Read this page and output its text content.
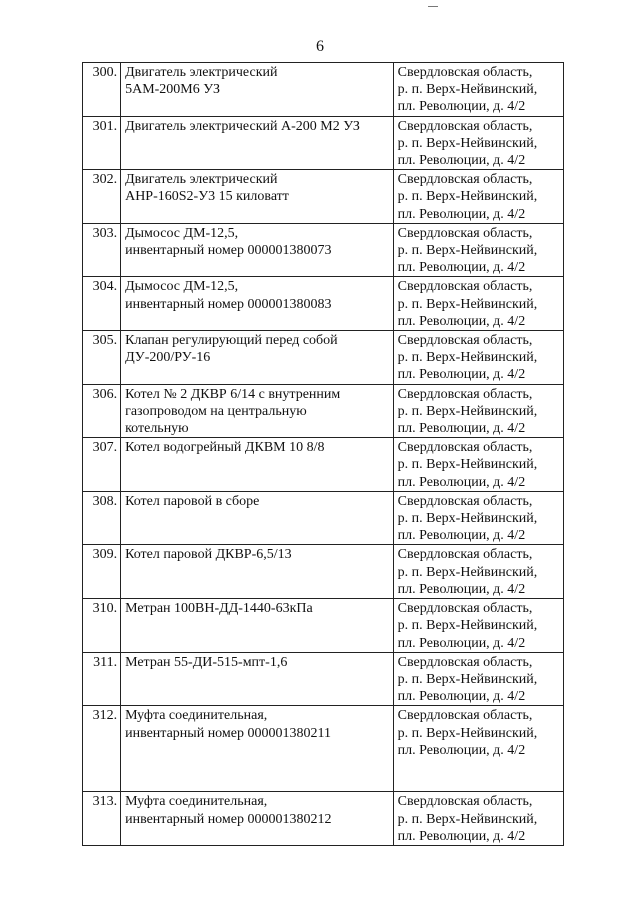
6
300.	Двигатель электрический
5АМ-200М6 УЗ	Свердловская область,
р. п. Верх-Нейвинский,
пл. Революции, д. 4/2
301.	Двигатель электрический А-200 М2 УЗ	Свердловская область,
р. п. Верх-Нейвинский,
пл. Революции, д. 4/2
302.	Двигатель электрический
АНР-160S2-У3 15 киловатт	Свердловская область,
р. п. Верх-Нейвинский,
пл. Революции, д. 4/2
303.	Дымосос ДМ-12,5,
инвентарный номер 000001380073	Свердловская область,
р. п. Верх-Нейвинский,
пл. Революции, д. 4/2
304.	Дымосос ДМ-12,5,
инвентарный номер 000001380083	Свердловская область,
р. п. Верх-Нейвинский,
пл. Революции, д. 4/2
305.	Клапан регулирующий перед собой
ДУ-200/РУ-16	Свердловская область,
р. п. Верх-Нейвинский,
пл. Революции, д. 4/2
306.	Котел № 2 ДКВР 6/14 с внутренним
газопроводом на центральную
котельную	Свердловская область,
р. п. Верх-Нейвинский,
пл. Революции, д. 4/2
307.	Котел водогрейный ДКВМ 10 8/8	Свердловская область,
р. п. Верх-Нейвинский,
пл. Революции, д. 4/2
308.	Котел паровой в сборе	Свердловская область,
р. п. Верх-Нейвинский,
пл. Революции, д. 4/2
309.	Котел паровой ДКВР-6,5/13	Свердловская область,
р. п. Верх-Нейвинский,
пл. Революции, д. 4/2
310.	Метран 100ВН-ДД-1440-63кПа	Свердловская область,
р. п. Верх-Нейвинский,
пл. Революции, д. 4/2
311.	Метран 55-ДИ-515-мпт-1,6	Свердловская область,
р. п. Верх-Нейвинский,
пл. Революции, д. 4/2
312.	Муфта соединительная,
инвентарный номер 000001380211	Свердловская область,
р. п. Верх-Нейвинский,
пл. Революции, д. 4/2
313.	Муфта соединительная,
инвентарный номер 000001380212	Свердловская область,
р. п. Верх-Нейвинский,
пл. Революции, д. 4/2
